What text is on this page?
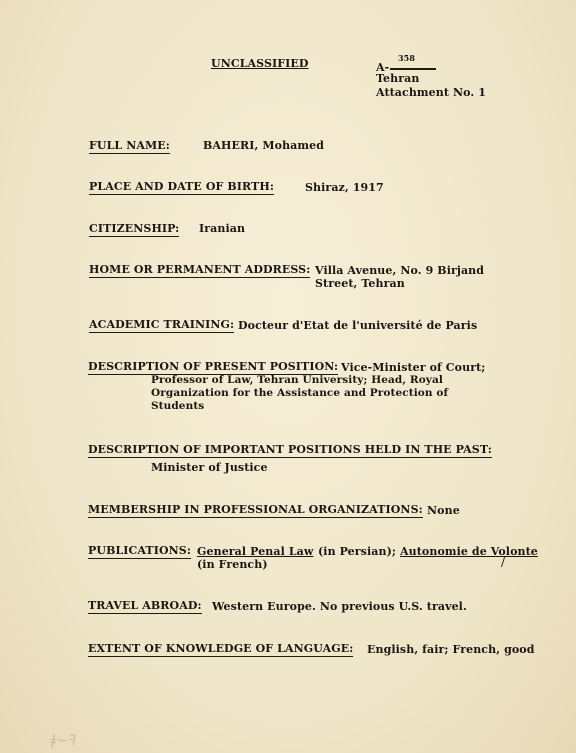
UNCLASSIFIED	A-
358
Tehran
Attachment No. 1
FULL NAME:	BAHERI, Mohamed
PLACE AND DATE OF BIRTH:	Shiraz, 1917
CITIZENSHIP: Iranian
HOME OR PERMANENT ADDRESS: Villa Avenue, No. 9 Birjand
Street, Tehran
ACADEMIC TRAINING: Docteur d'Etat de l'université de Paris
DESCRIPTION OF PRESENT POSITION: Vice-Minister of Court;
Professor of Law, Tehran University; Head, Royal
Organization for the Assistance and Protection of
Students
DESCRIPTION OF IMPORTANT POSITIONS HELD IN THE PAST:
Minister of Justice
MEMBERSHIP IN PROFESSIONAL ORGANIZATIONS: None
PUBLICATIONS: General Penal Law (in Persian); Autonomie de Volonte
(in French)	/
TRAVEL ABROAD: Western Europe. No previous U.S. travel.
EXTENT OF KNOWLEDGE OF LANGUAGE: English, fair; French, good
ǂ~ꟻ
